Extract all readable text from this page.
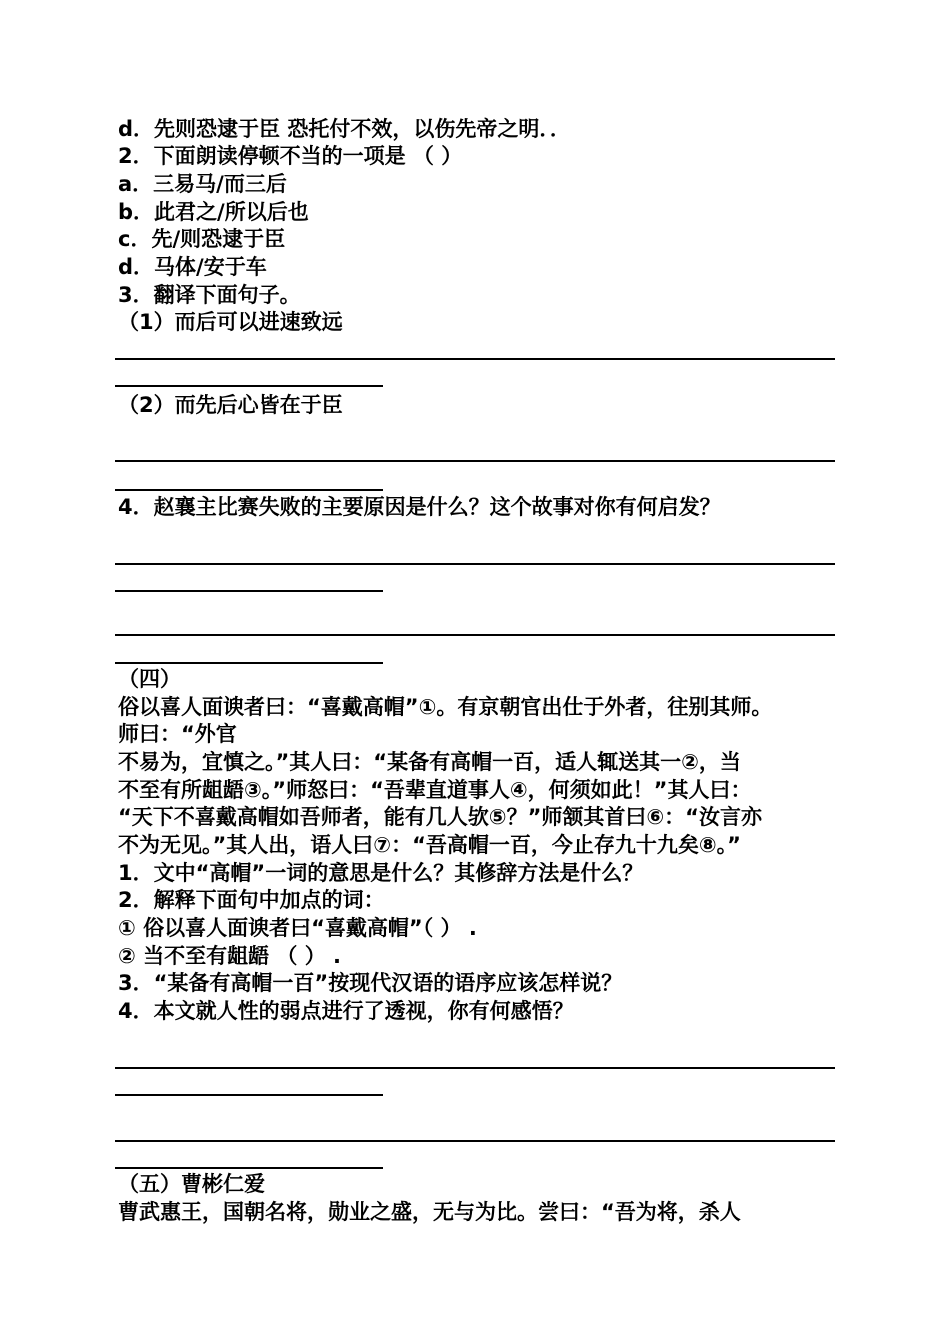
d．先则恐逮于臣 恐托付不效，以伤先帝之明．．
2．下面朗读停顿不当的一项是 （ ）
a．三易马/而三后
b．此君之/所以后也
c．先/则恐逮于臣
d．马体/安于车
3．翻译下面句子。
（1）而后可以进速致远
（2）而先后心皆在于臣
4．赵襄主比赛失败的主要原因是什么？这个故事对你有何启发？
（四）
俗以喜人面谀者曰：“喜戴高帽”①。有京朝官出仕于外者，往别其师。
师曰：“外官
不易为，宜慎之。”其人曰：“某备有高帽一百，适人辄送其一②，当
不至有所龃龉③。”师怒曰：“吾辈直道事人④，何须如此！”其人曰：
“天下不喜戴高帽如吾师者，能有几人欤⑤？”师颔其首曰⑥：“汝言亦
不为无见。”其人出，语人曰⑦：“吾高帽一百，今止存九十九矣⑧。”
1．文中“高帽”一词的意思是什么？其修辞方法是什么？
2．解释下面句中加点的词：
① 俗以喜人面谀者曰“喜戴高帽”（ ） .
② 当不至有龃龉 （ ） .
3．“某备有高帽一百”按现代汉语的语序应该怎样说？
4．本文就人性的弱点进行了透视，你有何感悟？
（五）曹彬仁爱
曹武惠王，国朝名将，勋业之盛，无与为比。尝曰：“吾为将，杀人
